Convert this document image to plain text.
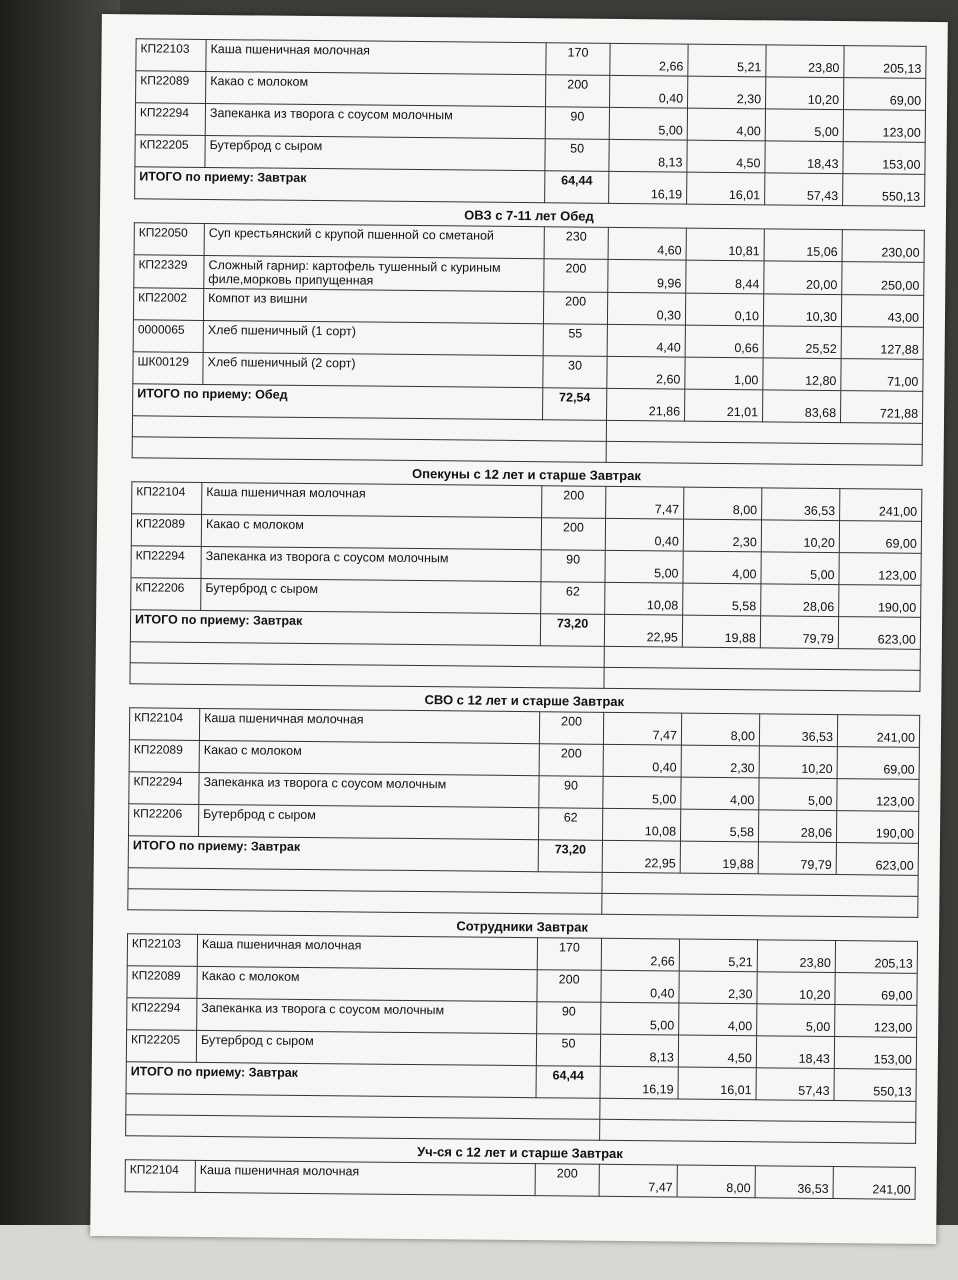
КП22103	Каша пшеничная молочная	170	2,66	5,21	23,80	205,13
КП22089	Какао с молоком	200	0,40	2,30	10,20	69,00
КП22294	Запеканка из творога с соусом молочным	90	5,00	4,00	5,00	123,00
КП22205	Бутерброд с сыром	50	8,13	4,50	18,43	153,00
ИТОГО по приему: Завтрак		64,44	16,19	16,01	57,43	550,13
ОВЗ с 7-11 лет Обед
КП22050	Суп крестьянский с крупой пшенной со сметаной	230	4,60	10,81	15,06	230,00
КП22329	Сложный гарнир: картофель тушенный с куриным филе,морковь припущенная	200	9,96	8,44	20,00	250,00
КП22002	Компот из вишни	200	0,30	0,10	10,30	43,00
0000065	Хлеб пшеничный (1 сорт)	55	4,40	0,66	25,52	127,88
ШК00129	Хлеб пшеничный (2 сорт)	30	2,60	1,00	12,80	71,00
ИТОГО по приему: Обед		72,54	21,86	21,01	83,68	721,88

Опекуны с 12 лет и старше Завтрак
КП22104	Каша пшеничная молочная	200	7,47	8,00	36,53	241,00
КП22089	Какао с молоком	200	0,40	2,30	10,20	69,00
КП22294	Запеканка из творога с соусом молочным	90	5,00	4,00	5,00	123,00
КП22206	Бутерброд с сыром	62	10,08	5,58	28,06	190,00
ИТОГО по приему: Завтрак		73,20	22,95	19,88	79,79	623,00

СВО с 12 лет и старше Завтрак
КП22104	Каша пшеничная молочная	200	7,47	8,00	36,53	241,00
КП22089	Какао с молоком	200	0,40	2,30	10,20	69,00
КП22294	Запеканка из творога с соусом молочным	90	5,00	4,00	5,00	123,00
КП22206	Бутерброд с сыром	62	10,08	5,58	28,06	190,00
ИТОГО по приему: Завтрак		73,20	22,95	19,88	79,79	623,00

Сотрудники Завтрак
КП22103	Каша пшеничная молочная	170	2,66	5,21	23,80	205,13
КП22089	Какао с молоком	200	0,40	2,30	10,20	69,00
КП22294	Запеканка из творога с соусом молочным	90	5,00	4,00	5,00	123,00
КП22205	Бутерброд с сыром	50	8,13	4,50	18,43	153,00
ИТОГО по приему: Завтрак		64,44	16,19	16,01	57,43	550,13

Уч-ся с 12 лет и старше Завтрак
КП22104	Каша пшеничная молочная	200	7,47	8,00	36,53	241,00
